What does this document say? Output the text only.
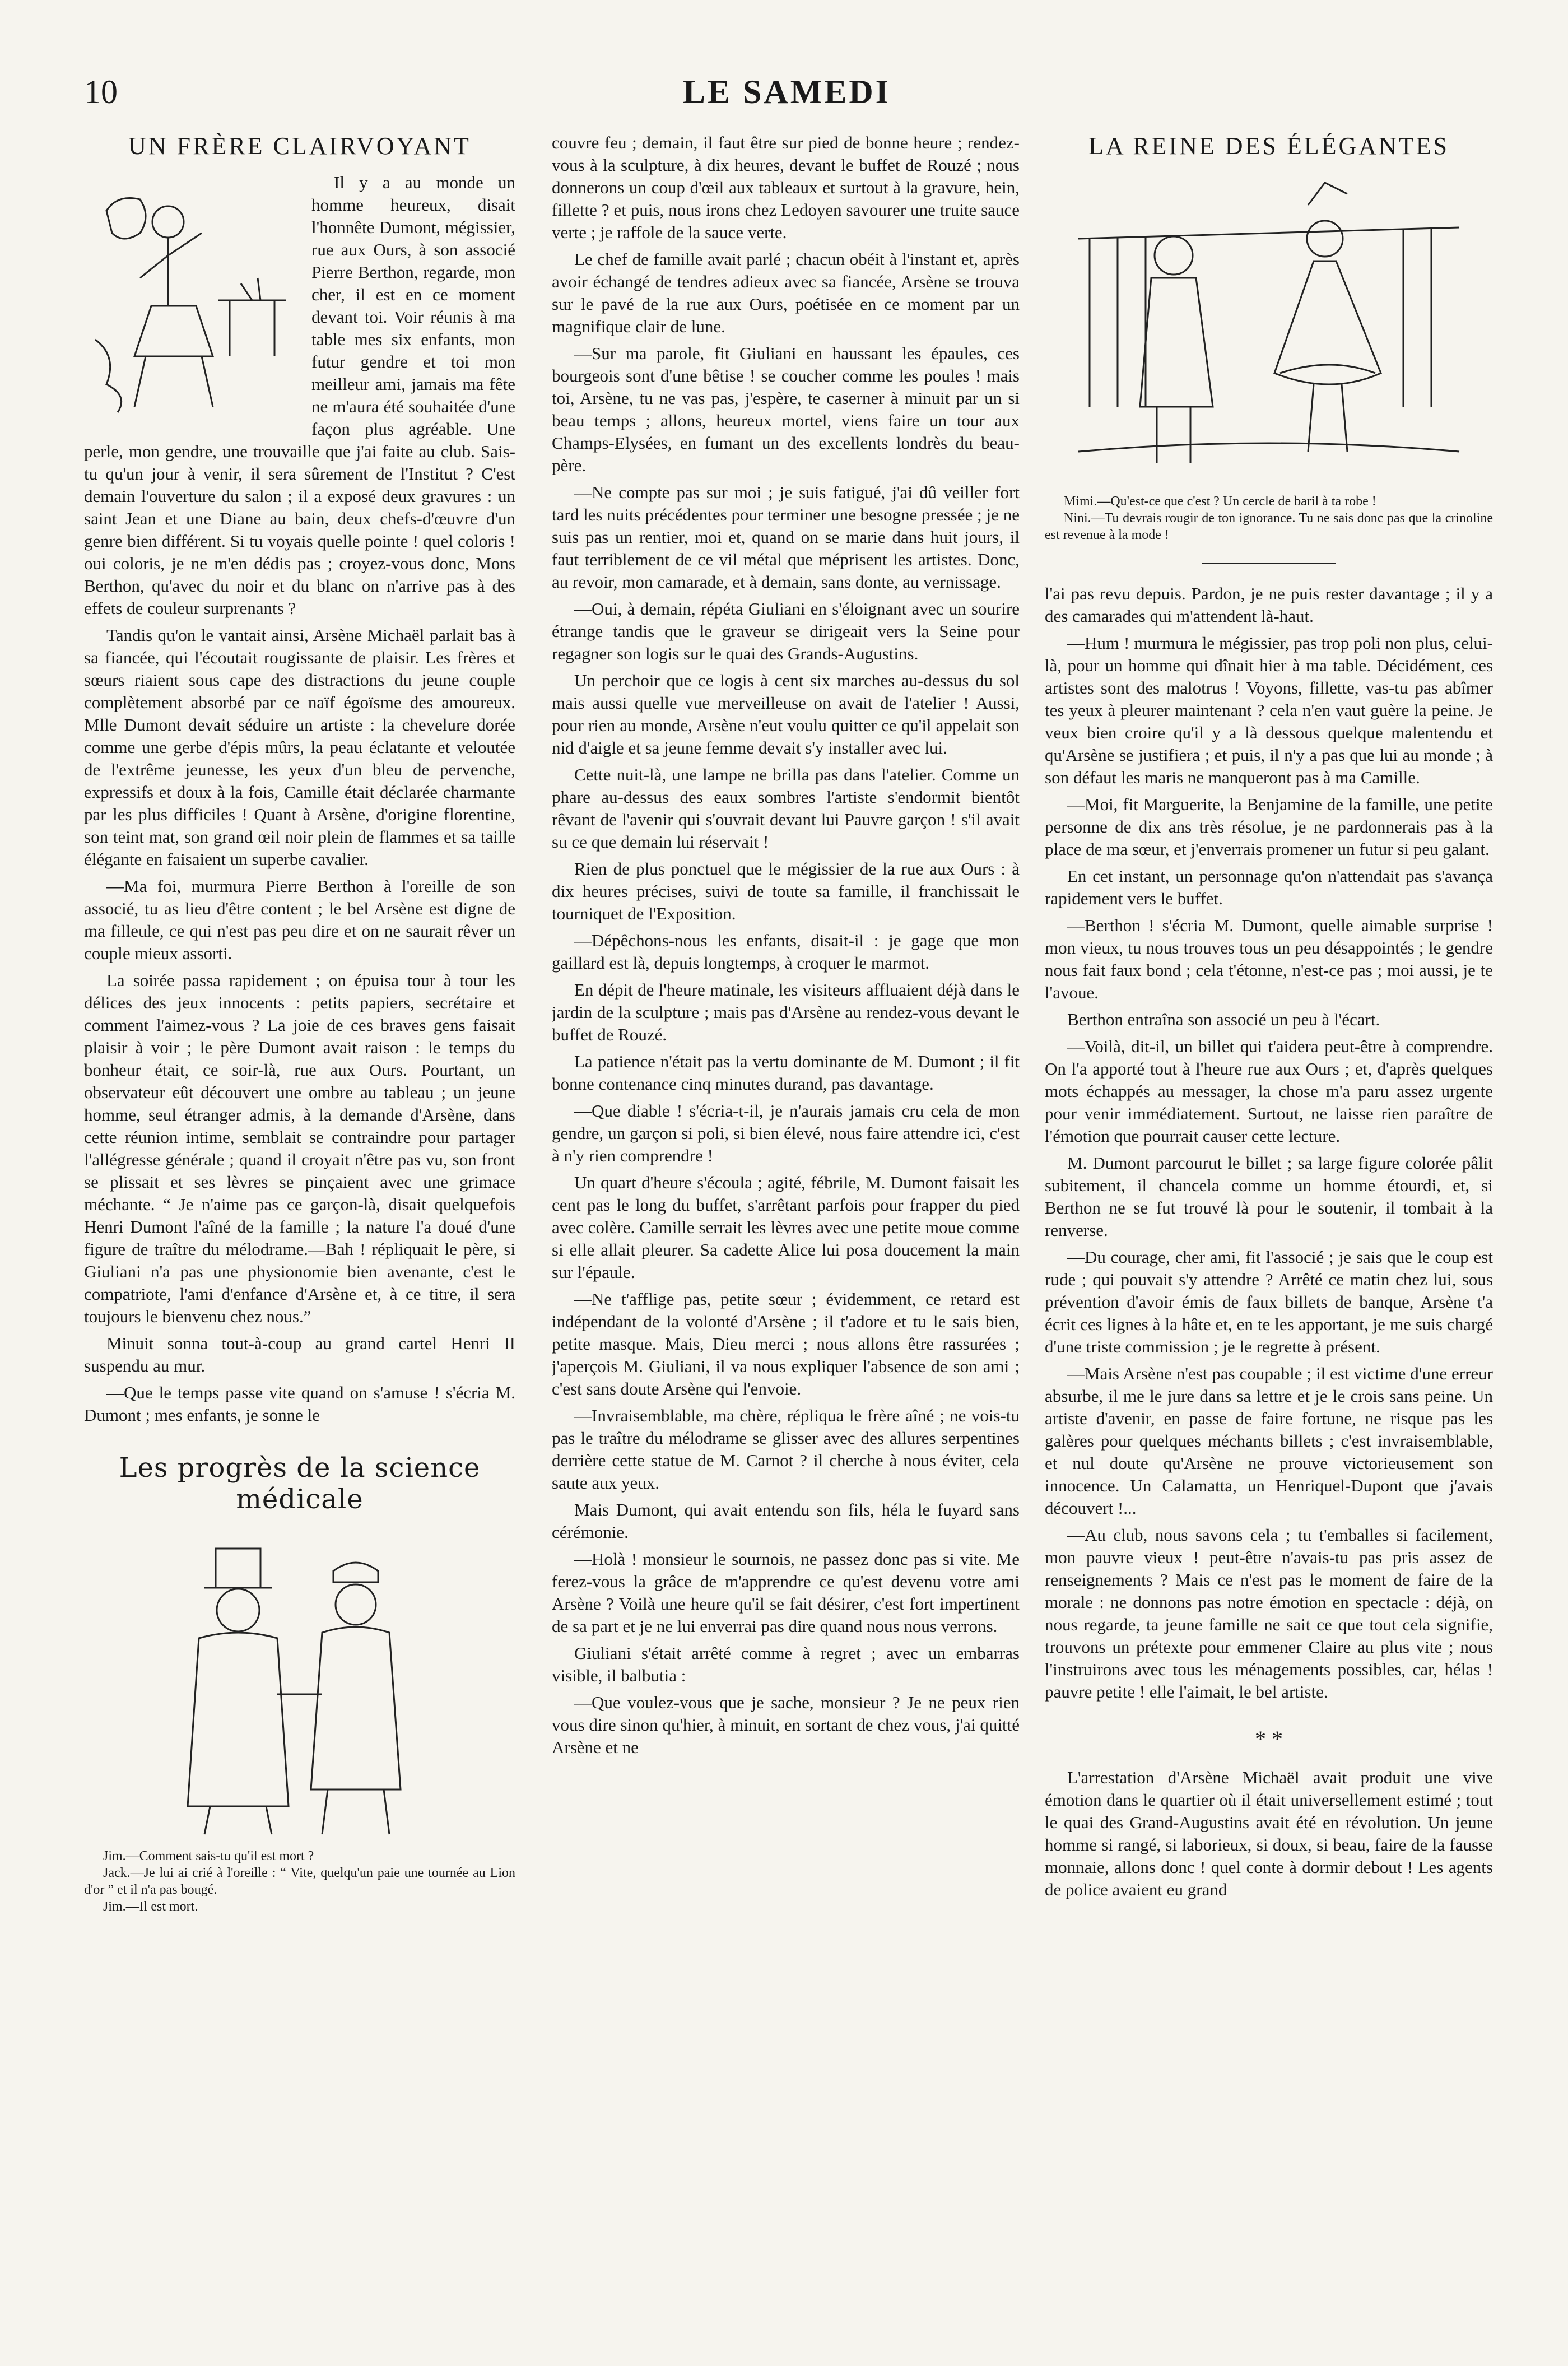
10	LE SAMEDI
UN FRÈRE CLAIRVOYANT

Il y a au monde un homme heureux, disait l'honnête Dumont, mégissier, rue aux Ours, à son associé Pierre Berthon, regarde, mon cher, il est en ce moment devant toi. Voir réunis à ma table mes six enfants, mon futur gendre et toi mon meilleur ami, jamais ma fête ne m'aura été souhaitée d'une façon plus agréable. Une perle, mon gendre, une trouvaille que j'ai faite au club. Sais-tu qu'un jour à venir, il sera sûrement de l'Institut ? C'est demain l'ouverture du salon ; il a exposé deux gravures : un saint Jean et une Diane au bain, deux chefs-d'œuvre d'un genre bien différent. Si tu voyais quelle pointe ! quel coloris ! oui coloris, je ne m'en dédis pas ; croyez-vous donc, Mons Berthon, qu'avec du noir et du blanc on n'arrive pas à des effets de couleur surprenants ?

Tandis qu'on le vantait ainsi, Arsène Michaël parlait bas à sa fiancée, qui l'écoutait rougissante de plaisir. Les frères et sœurs riaient sous cape des distractions du jeune couple complètement absorbé par ce naïf égoïsme des amoureux. Mlle Dumont devait séduire un artiste : la chevelure dorée comme une gerbe d'épis mûrs, la peau éclatante et veloutée de l'extrême jeunesse, les yeux d'un bleu de pervenche, expressifs et doux à la fois, Camille était déclarée charmante par les plus difficiles ! Quant à Arsène, d'origine florentine, son teint mat, son grand œil noir plein de flammes et sa taille élégante en faisaient un superbe cavalier.

—Ma foi, murmura Pierre Berthon à l'oreille de son associé, tu as lieu d'être content ; le bel Arsène est digne de ma filleule, ce qui n'est pas peu dire et on ne saurait rêver un couple mieux assorti.

La soirée passa rapidement ; on épuisa tour à tour les délices des jeux innocents : petits papiers, secrétaire et comment l'aimez-vous ? La joie de ces braves gens faisait plaisir à voir ; le père Dumont avait raison : le temps du bonheur était, ce soir-là, rue aux Ours. Pourtant, un observateur eût découvert une ombre au tableau ; un jeune homme, seul étranger admis, à la demande d'Arsène, dans cette réunion intime, semblait se contraindre pour partager l'allégresse générale ; quand il croyait n'être pas vu, son front se plissait et ses lèvres se pinçaient avec une grimace méchante. “ Je n'aime pas ce garçon-là, disait quelquefois Henri Dumont l'aîné de la famille ; la nature l'a doué d'une figure de traître du mélodrame.—Bah ! répliquait le père, si Giuliani n'a pas une physionomie bien avenante, c'est le compatriote, l'ami d'enfance d'Arsène et, à ce titre, il sera toujours le bienvenu chez nous.”

Minuit sonna tout-à-coup au grand cartel Henri II suspendu au mur.

—Que le temps passe vite quand on s'amuse ! s'écria M. Dumont ; mes enfants, je sonne le

Les progrès de la science médicale

Jim.—Comment sais-tu qu'il est mort ?

Jack.—Je lui ai crié à l'oreille : “ Vite, quelqu'un paie une tournée au Lion d'or ” et il n'a pas bougé.

Jim.—Il est mort.

couvre feu ; demain, il faut être sur pied de bonne heure ; rendez-vous à la sculpture, à dix heures, devant le buffet de Rouzé ; nous donnerons un coup d'œil aux tableaux et surtout à la gravure, hein, fillette ? et puis, nous irons chez Ledoyen savourer une truite sauce verte ; je raffole de la sauce verte.

Le chef de famille avait parlé ; chacun obéit à l'instant et, après avoir échangé de tendres adieux avec sa fiancée, Arsène se trouva sur le pavé de la rue aux Ours, poétisée en ce moment par un magnifique clair de lune.

—Sur ma parole, fit Giuliani en haussant les épaules, ces bourgeois sont d'une bêtise ! se coucher comme les poules ! mais toi, Arsène, tu ne vas pas, j'espère, te caserner à minuit par un si beau temps ; allons, heureux mortel, viens faire un tour aux Champs-Elysées, en fumant un des excellents londrès du beau-père.

—Ne compte pas sur moi ; je suis fatigué, j'ai dû veiller fort tard les nuits précédentes pour terminer une besogne pressée ; je ne suis pas un rentier, moi et, quand on se marie dans huit jours, il faut terriblement de ce vil métal que méprisent les artistes. Donc, au revoir, mon camarade, et à demain, sans donte, au vernissage.

—Oui, à demain, répéta Giuliani en s'éloignant avec un sourire étrange tandis que le graveur se dirigeait vers la Seine pour regagner son logis sur le quai des Grands-Augustins.

Un perchoir que ce logis à cent six marches au-dessus du sol mais aussi quelle vue merveilleuse on avait de l'atelier ! Aussi, pour rien au monde, Arsène n'eut voulu quitter ce qu'il appelait son nid d'aigle et sa jeune femme devait s'y installer avec lui.

Cette nuit-là, une lampe ne brilla pas dans l'atelier. Comme un phare au-dessus des eaux sombres l'artiste s'endormit bientôt rêvant de l'avenir qui s'ouvrait devant lui Pauvre garçon ! s'il avait su ce que demain lui réservait !

Rien de plus ponctuel que le mégissier de la rue aux Ours : à dix heures précises, suivi de toute sa famille, il franchissait le tourniquet de l'Exposition.

—Dépêchons-nous les enfants, disait-il : je gage que mon gaillard est là, depuis longtemps, à croquer le marmot.

En dépit de l'heure matinale, les visiteurs affluaient déjà dans le jardin de la sculpture ; mais pas d'Arsène au rendez-vous devant le buffet de Rouzé.

La patience n'était pas la vertu dominante de M. Dumont ; il fit bonne contenance cinq minutes durand, pas davantage.

—Que diable ! s'écria-t-il, je n'aurais jamais cru cela de mon gendre, un garçon si poli, si bien élevé, nous faire attendre ici, c'est à n'y rien comprendre !

Un quart d'heure s'écoula ; agité, fébrile, M. Dumont faisait les cent pas le long du buffet, s'arrêtant parfois pour frapper du pied avec colère. Camille serrait les lèvres avec une petite moue comme si elle allait pleurer. Sa cadette Alice lui posa doucement la main sur l'épaule.

—Ne t'afflige pas, petite sœur ; évidemment, ce retard est indépendant de la volonté d'Arsène ; il t'adore et tu le sais bien, petite masque. Mais, Dieu merci ; nous allons être rassurées ; j'aperçois M. Giuliani, il va nous expliquer l'absence de son ami ; c'est sans doute Arsène qui l'envoie.

—Invraisemblable, ma chère, répliqua le frère aîné ; ne vois-tu pas le traître du mélodrame se glisser avec des allures serpentines derrière cette statue de M. Carnot ? il cherche à nous éviter, cela saute aux yeux.

Mais Dumont, qui avait entendu son fils, héla le fuyard sans cérémonie.

—Holà ! monsieur le sournois, ne passez donc pas si vite. Me ferez-vous la grâce de m'apprendre ce qu'est devenu votre ami Arsène ? Voilà une heure qu'il se fait désirer, c'est fort impertinent de sa part et je ne lui enverrai pas dire quand nous nous verrons.

Giuliani s'était arrêté comme à regret ; avec un embarras visible, il balbutia :

—Que voulez-vous que je sache, monsieur ? Je ne peux rien vous dire sinon qu'hier, à minuit, en sortant de chez vous, j'ai quitté Arsène et ne

LA REINE DES ÉLÉGANTES

Mimi.—Qu'est-ce que c'est ? Un cercle de baril à ta robe !

Nini.—Tu devrais rougir de ton ignorance. Tu ne sais donc pas que la crinoline est revenue à la mode !

l'ai pas revu depuis. Pardon, je ne puis rester davantage ; il y a des camarades qui m'attendent là-haut.

—Hum ! murmura le mégissier, pas trop poli non plus, celui-là, pour un homme qui dînait hier à ma table. Décidément, ces artistes sont des malotrus ! Voyons, fillette, vas-tu pas abîmer tes yeux à pleurer maintenant ? cela n'en vaut guère la peine. Je veux bien croire qu'il y a là dessous quelque malentendu et qu'Arsène se justifiera ; et puis, il n'y a pas que lui au monde ; à son défaut les maris ne manqueront pas à ma Camille.

—Moi, fit Marguerite, la Benjamine de la famille, une petite personne de dix ans très résolue, je ne pardonnerais pas à la place de ma sœur, et j'enverrais promener un futur si peu galant.

En cet instant, un personnage qu'on n'attendait pas s'avança rapidement vers le buffet.

—Berthon ! s'écria M. Dumont, quelle aimable surprise ! mon vieux, tu nous trouves tous un peu désappointés ; le gendre nous fait faux bond ; cela t'étonne, n'est-ce pas ; moi aussi, je te l'avoue.

Berthon entraîna son associé un peu à l'écart.

—Voilà, dit-il, un billet qui t'aidera peut-être à comprendre. On l'a apporté tout à l'heure rue aux Ours ; et, d'après quelques mots échappés au messager, la chose m'a paru assez urgente pour venir immédiatement. Surtout, ne laisse rien paraître de l'émotion que pourrait causer cette lecture.

M. Dumont parcourut le billet ; sa large figure colorée pâlit subitement, il chancela comme un homme étourdi, et, si Berthon ne se fut trouvé là pour le soutenir, il tombait à la renverse.

—Du courage, cher ami, fit l'associé ; je sais que le coup est rude ; qui pouvait s'y attendre ? Arrêté ce matin chez lui, sous prévention d'avoir émis de faux billets de banque, Arsène t'a écrit ces lignes à la hâte et, en te les apportant, je me suis chargé d'une triste commission ; je le regrette à présent.

—Mais Arsène n'est pas coupable ; il est victime d'une erreur absurbe, il me le jure dans sa lettre et je le crois sans peine. Un artiste d'avenir, en passe de faire fortune, ne risque pas les galères pour quelques méchants billets ; c'est invraisemblable, et nul doute qu'Arsène ne prouve victorieusement son innocence. Un Calamatta, un Henriquel-Dupont que j'avais découvert !...

—Au club, nous savons cela ; tu t'emballes si facilement, mon pauvre vieux ! peut-être n'avais-tu pas pris assez de renseignements ? Mais ce n'est pas le moment de faire de la morale : ne donnons pas notre émotion en spectacle : déjà, on nous regarde, ta jeune famille ne sait ce que tout cela signifie, trouvons un prétexte pour emmener Claire au plus vite ; nous l'instruirons avec tous les ménagements possibles, car, hélas ! pauvre petite ! elle l'aimait, le bel artiste.

* *

L'arrestation d'Arsène Michaël avait produit une vive émotion dans le quartier où il était universellement estimé ; tout le quai des Grand-Augustins avait été en révolution. Un jeune homme si rangé, si laborieux, si doux, si beau, faire de la fausse monnaie, allons donc ! quel conte à dormir debout ! Les agents de police avaient eu grand
